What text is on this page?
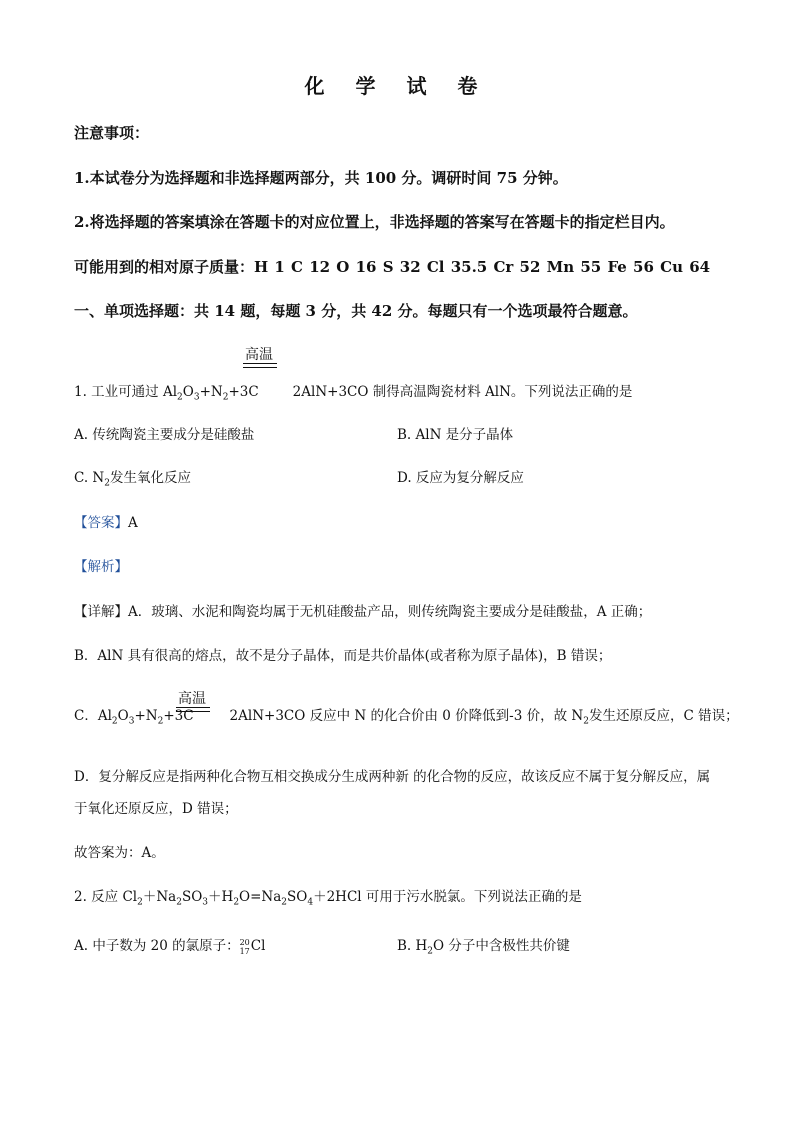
化 学 试 卷
注意事项：
1.本试卷分为选择题和非选择题两部分，共 100 分。调研时间 75 分钟。
2.将选择题的答案填涂在答题卡的对应位置上，非选择题的答案写在答题卡的指定栏目内。
可能用到的相对原子质量：H 1 C 12 O 16 S 32 Cl 35.5 Cr 52 Mn 55 Fe 56 Cu 64
一、单项选择题：共 14 题，每题 3 分，共 42 分。每题只有一个选项最符合题意。
高温
1. 工业可通过 $Al_2O_3+N_2+3C$	2AlN+3CO 制得高温陶瓷材料 AlN。下列说法正确的是
A. 传统陶瓷主要成分是硅酸盐	B. AlN 是分子晶体
C. $N_2$发生氧化反应	D. 反应为复分解反应
【答案】A
【解析】
【详解】A．玻璃、水泥和陶瓷均属于无机硅酸盐产品，则传统陶瓷主要成分是硅酸盐，A 正确；
B．AlN 具有很高的熔点，故不是分子晶体，而是共价晶体(或者称为原子晶体)，B 错误；
高温
C．$Al_2O_3+N_2+3C$	2AlN+3CO 反应中 N 的化合价由 0 价降低到-3 价，故 $N_2$发生还原反应，C 错误；
D．复分解反应是指两种化合物互相交换成分生成两种新 的化合物的反应，故该反应不属于复分解反应，属
于氧化还原反应，D 错误；
故答案为：A。
2. 反应 $Cl_2+Na_2SO_3+H_2O=Na_2SO_4+2HCl$ 可用于污水脱氯。下列说法正确的是
A. 中子数为 20 的氯原子：20
17Cl	B. $H_2O$ 分子中含极性共价键
